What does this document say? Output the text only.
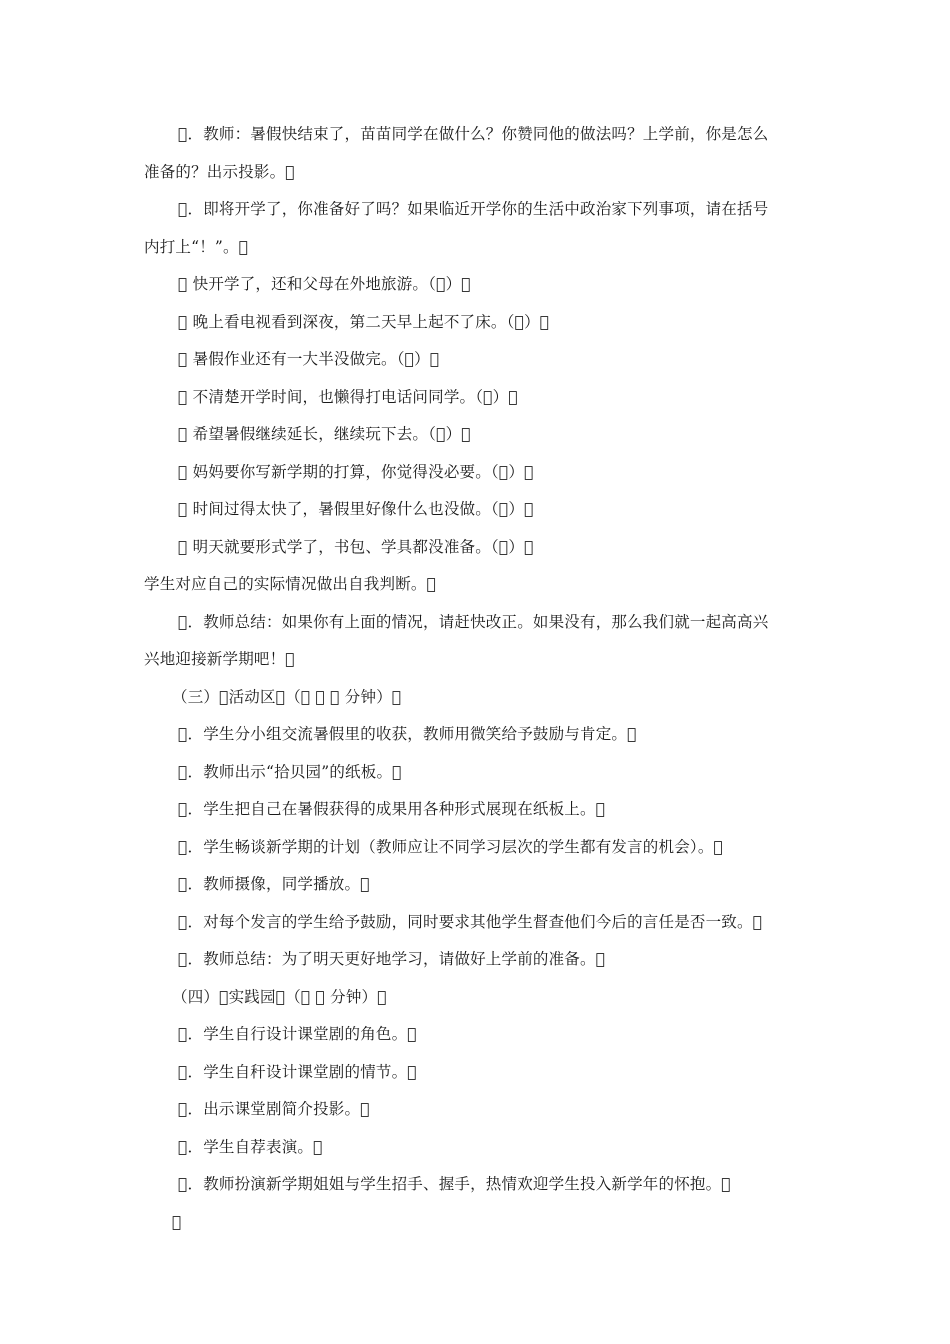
 ．教师：暑假快结束了，苗苗同学在做什么？你赞同他的做法吗？上学前，你是怎么
准备的？出示投影。 
 ．即将开学了，你准备好了吗？如果临近开学你的生活中政治家下列事项，请在括号
内打上“！”。 
  快开学了，还和父母在外地旅游。（ ） 
  晚上看电视看到深夜，第二天早上起不了床。（ ） 
  暑假作业还有一大半没做完。（ ） 
  不清楚开学时间，也懒得打电话问同学。（ ） 
  希望暑假继续延长，继续玩下去。（ ） 
  妈妈要你写新学期的打算，你觉得没必要。（ ） 
  时间过得太快了，暑假里好像什么也没做。（ ） 
  明天就要形式学了，书包、学具都没准备。（ ） 
学生对应自己的实际情况做出自我判断。 
 ．教师总结：如果你有上面的情况，请赶快改正。如果没有，那么我们就一起高高兴
兴地迎接新学期吧！ 
（三） 活动区 （      分钟） 
 ．学生分小组交流暑假里的收获，教师用微笑给予鼓励与肯定。 
 ．教师出示“拾贝园”的纸板。 
 ．学生把自己在暑假获得的成果用各种形式展现在纸板上。 
 ．学生畅谈新学期的计划（教师应让不同学习层次的学生都有发言的机会）。 
 ．教师摄像，同学播放。 
 ．对每个发言的学生给予鼓励，同时要求其他学生督查他们今后的言任是否一致。 
 ．教师总结：为了明天更好地学习，请做好上学前的准备。 
（四） 实践园 （    分钟） 
 ．学生自行设计课堂剧的角色。 
 ．学生自秆设计课堂剧的情节。 
 ．出示课堂剧简介投影。 
 ．学生自荐表演。 
 ．教师扮演新学期姐姐与学生招手、握手，热情欢迎学生投入新学年的怀抱。 
 
